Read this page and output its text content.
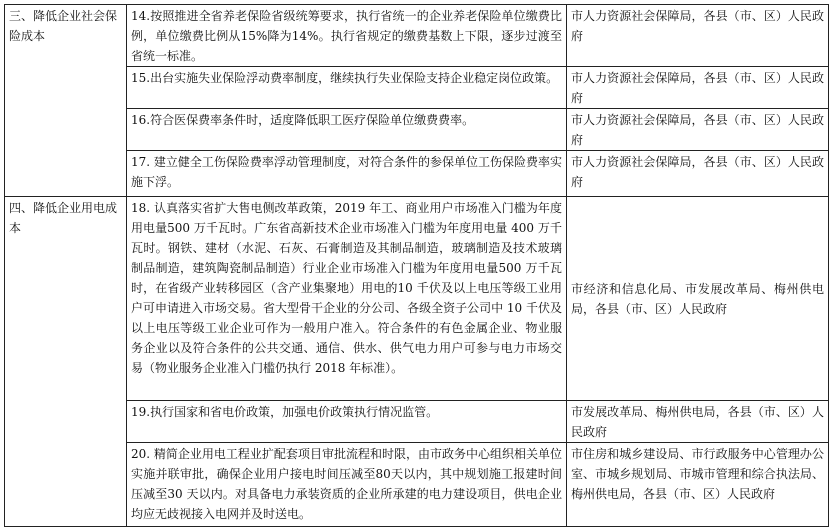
三、降低企业社会保险成本	14.按照推进全省养老保险省级统筹要求，执行省统一的企业养老保险单位缴费比例，单位缴费比例从15%降为14%。执行省规定的缴费基数上下限，逐步过渡至省统一标准。	市人力资源社会保障局，各县（市、区）人民政府
	15.出台实施失业保险浮动费率制度，继续执行失业保险支持企业稳定岗位政策。	市人力资源社会保障局，各县（市、区）人民政府
	16.符合医保费率条件时，适度降低职工医疗保险单位缴费费率。	市人力资源社会保障局，各县（市、区）人民政府
	17. 建立健全工伤保险费率浮动管理制度，对符合条件的参保单位工伤保险费率实施下浮。	市人力资源社会保障局，各县（市、区）人民政府
四、降低企业用电成本	18. 认真落实省扩大售电侧改革政策，2019 年工、商业用户市场准入门槛为年度用电量500 万千瓦时。广东省高新技术企业市场准入门槛为年度用电量 400 万千瓦时。钢铁、建材（水泥、石灰、石膏制造及其制品制造，玻璃制造及技术玻璃制品制造，建筑陶瓷制品制造）行业企业市场准入门槛为年度用电量500 万千瓦时，在省级产业转移园区（含产业集聚地）用电的10 千伏及以上电压等级工业用户可申请进入市场交易。省大型骨干企业的分公司、各级全资子公司中 10 千伏及以上电压等级工业企业可作为一般用户准入。符合条件的有色金属企业、物业服务企业以及符合条件的公共交通、通信、供水、供气电力用户可参与电力市场交易（物业服务企业准入门槛仍执行 2018 年标准）。	市经济和信息化局、市发展改革局、梅州供电局，各县（市、区）人民政府
	19.执行国家和省电价政策，加强电价政策执行情况监管。	市发展改革局、梅州供电局，各县（市、区）人民政府
	20. 精简企业用电工程业扩配套项目审批流程和时限，由市政务中心组织相关单位实施并联审批，确保企业用户接电时间压减至80天以内，其中规划施工报建时间压减至30 天以内。对具备电力承装资质的企业所承建的电力建设项目，供电企业均应无歧视接入电网并及时送电。	市住房和城乡建设局、市行政服务中心管理办公室、市城乡规划局、市城市管理和综合执法局、梅州供电局，各县（市、区）人民政府
